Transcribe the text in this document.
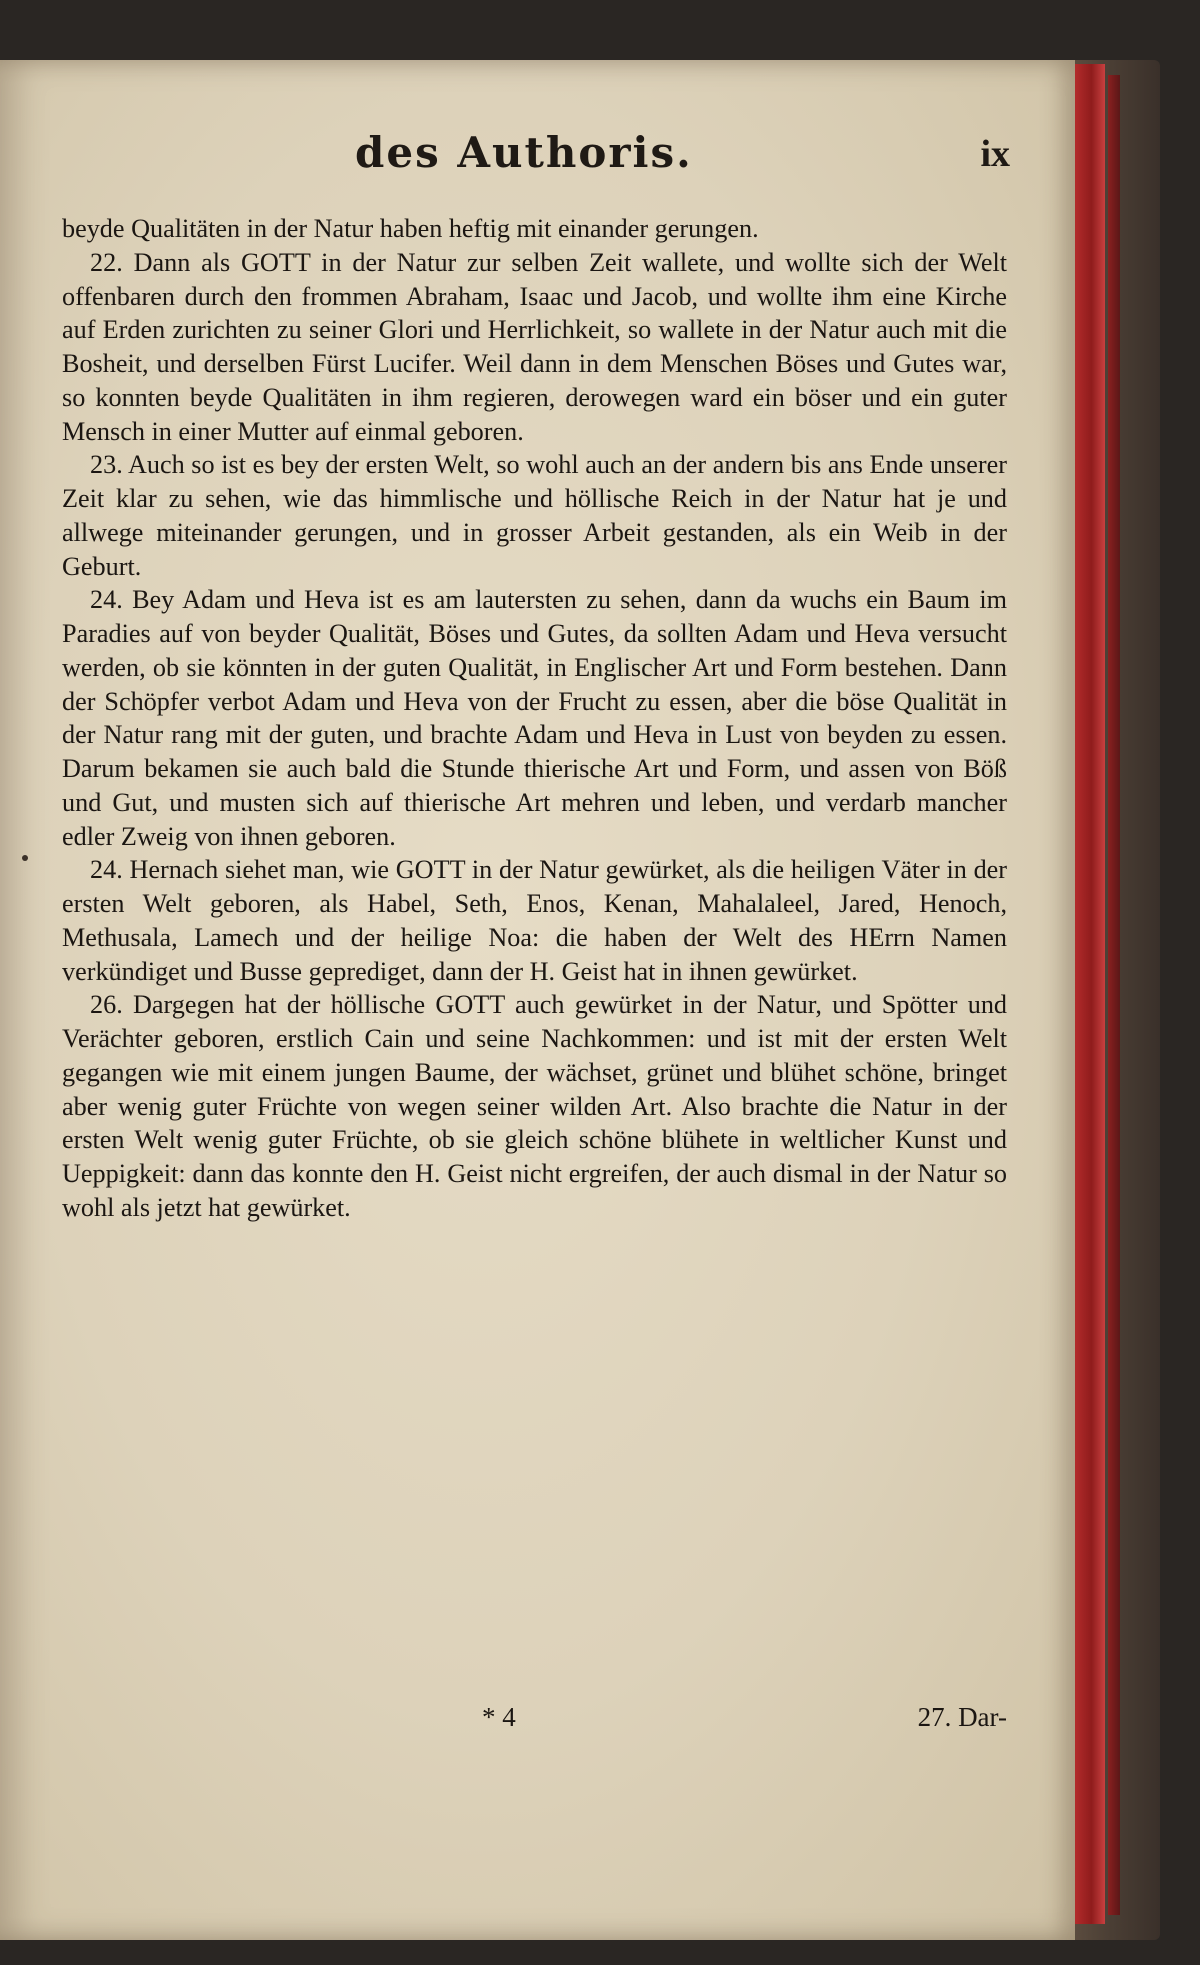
des Authoris.	ix

beyde Qualitäten in der Natur haben heftig mit einander gerungen.

22. Dann als GOTT in der Natur zur selben Zeit wallete, und wollte sich der Welt offenbaren durch den frommen Abraham, Isaac und Jacob, und wollte ihm eine Kirche auf Erden zurichten zu seiner Glori und Herrlichkeit, so wallete in der Natur auch mit die Bosheit, und derselben Fürst Lucifer. Weil dann in dem Menschen Böses und Gutes war, so konnten beyde Qualitäten in ihm regieren, derowegen ward ein böser und ein guter Mensch in einer Mutter auf einmal geboren.

23. Auch so ist es bey der ersten Welt, so wohl auch an der andern bis ans Ende unserer Zeit klar zu sehen, wie das himmlische und höllische Reich in der Natur hat je und allwege miteinander gerungen, und in grosser Arbeit gestanden, als ein Weib in der Geburt.

24. Bey Adam und Heva ist es am lautersten zu sehen, dann da wuchs ein Baum im Paradies auf von beyder Qualität, Böses und Gutes, da sollten Adam und Heva versucht werden, ob sie könnten in der guten Qualität, in Englischer Art und Form bestehen. Dann der Schöpfer verbot Adam und Heva von der Frucht zu essen, aber die böse Qualität in der Natur rang mit der guten, und brachte Adam und Heva in Lust von beyden zu essen. Darum bekamen sie auch bald die Stunde thierische Art und Form, und assen von Böß und Gut, und musten sich auf thierische Art mehren und leben, und verdarb mancher edler Zweig von ihnen geboren.

24. Hernach siehet man, wie GOTT in der Natur gewürket, als die heiligen Väter in der ersten Welt geboren, als Habel, Seth, Enos, Kenan, Mahalaleel, Jared, Henoch, Methusala, Lamech und der heilige Noa: die haben der Welt des HErrn Namen verkündiget und Busse geprediget, dann der H. Geist hat in ihnen gewürket.

26. Dargegen hat der höllische GOTT auch gewürket in der Natur, und Spötter und Verächter geboren, erstlich Cain und seine Nachkommen: und ist mit der ersten Welt gegangen wie mit einem jungen Baume, der wächset, grünet und blühet schöne, bringet aber wenig guter Früchte von wegen seiner wilden Art. Also brachte die Natur in der ersten Welt wenig guter Früchte, ob sie gleich schöne blühete in weltlicher Kunst und Ueppigkeit: dann das konnte den H. Geist nicht ergreifen, der auch dismal in der Natur so wohl als jetzt hat gewürket.

* 4	27. Dar-
